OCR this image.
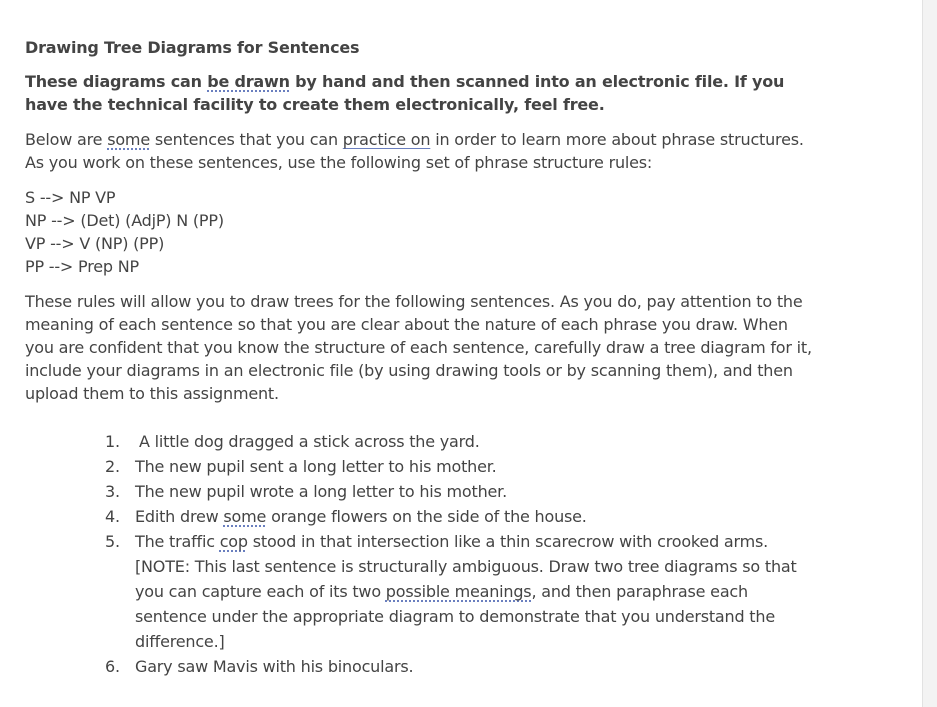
Drawing Tree Diagrams for Sentences
These diagrams can be drawn by hand and then scanned into an electronic file. If you have the technical facility to create them electronically, feel free.

Below are some sentences that you can practice on in order to learn more about phrase structures. As you work on these sentences, use the following set of phrase structure rules:

S --> NP VP
NP --> (Det) (AdjP) N (PP)
VP --> V (NP) (PP)
PP --> Prep NP

These rules will allow you to draw trees for the following sentences. As you do, pay attention to the meaning of each sentence so that you are clear about the nature of each phrase you draw. When you are confident that you know the structure of each sentence, carefully draw a tree diagram for it, include your diagrams in an electronic file (by using drawing tools or by scanning them), and then upload them to this assignment.

1.	A little dog dragged a stick across the yard.
2. The new pupil sent a long letter to his mother.
3. The new pupil wrote a long letter to his mother.
4. Edith drew some orange flowers on the side of the house.
5. The traffic cop stood in that intersection like a thin scarecrow with crooked arms. [NOTE: This last sentence is structurally ambiguous. Draw two tree diagrams so that you can capture each of its two possible meanings, and then paraphrase each sentence under the appropriate diagram to demonstrate that you understand the difference.]
6. Gary saw Mavis with his binoculars.
